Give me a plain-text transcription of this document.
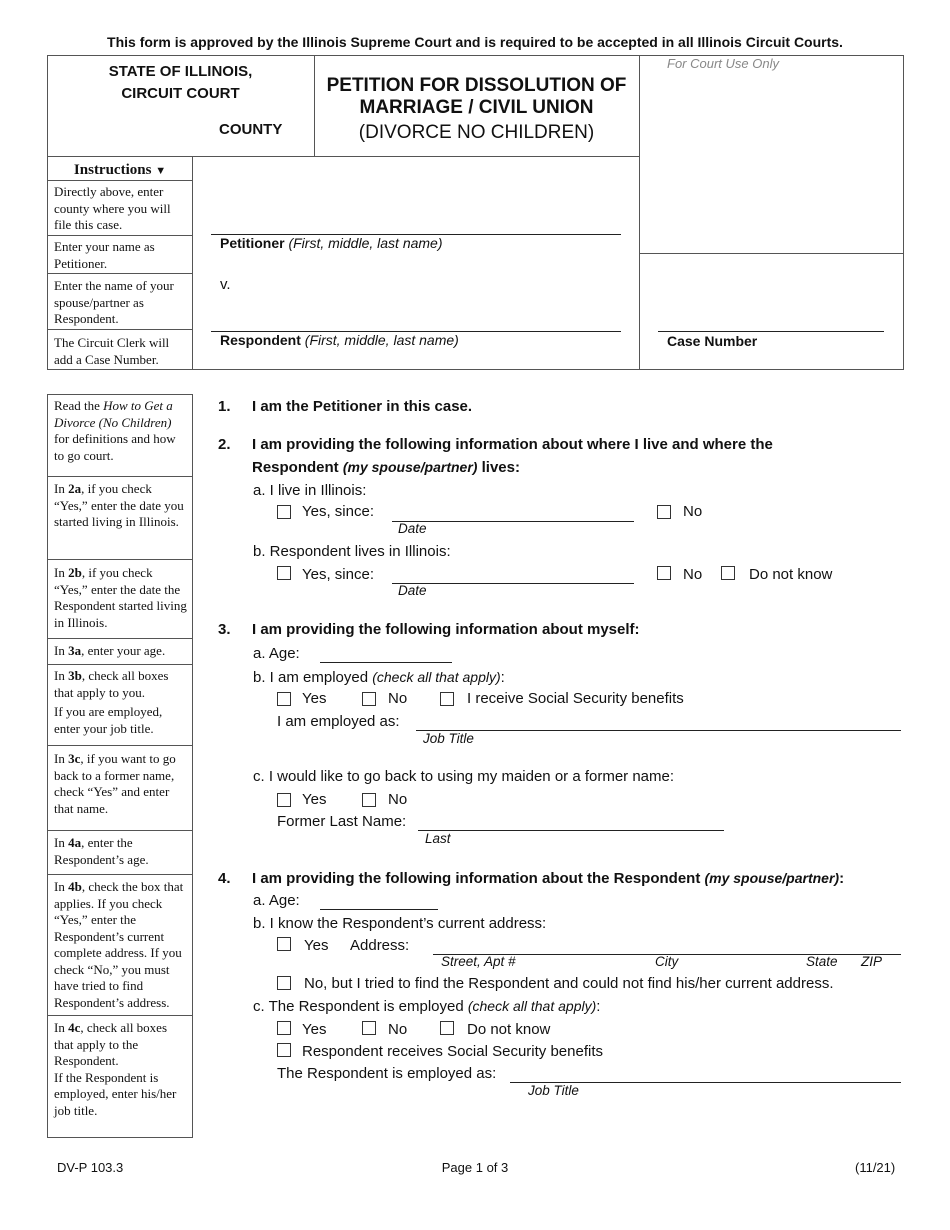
This form is approved by the Illinois Supreme Court and is required to be accepted in all Illinois Circuit Courts.
STATE OF ILLINOIS,
CIRCUIT COURT
COUNTY
PETITION FOR DISSOLUTION OF
MARRIAGE / CIVIL UNION
(DIVORCE NO CHILDREN)
For Court Use Only
Instructions ▼
Directly above, enter county where you will file this case.
Enter your name as Petitioner.
Enter the name of your spouse/partner as Respondent.
The Circuit Clerk will add a Case Number.
Petitioner (First, middle, last name)
v.
Respondent (First, middle, last name)	Case Number
Read the How to Get a Divorce (No Children) for definitions and how to go court.
In 2a, if you check “Yes,” enter the date you started living in Illinois.
In 2b, if you check “Yes,” enter the date the Respondent started living in Illinois.
In 3a, enter your age.
In 3b, check all boxes that apply to you.
If you are employed, enter your job title.
In 3c, if you want to go back to a former name, check “Yes” and enter that name.
In 4a, enter the Respondent’s age.
In 4b, check the box that applies. If you check “Yes,” enter the Respondent’s current complete address. If you check “No,” you must have tried to find Respondent’s address.
In 4c, check all boxes that apply to the Respondent.
If the Respondent is employed, enter his/her job title.
1. I am the Petitioner in this case.
2. I am providing the following information about where I live and where the
Respondent (my spouse/partner) lives:
a. I live in Illinois:
Yes, since:
Date
No
b. Respondent lives in Illinois:
Yes, since:
Date
No	Do not know
3. I am providing the following information about myself:
a. Age:
b. I am employed (check all that apply):
Yes	No	I receive Social Security benefits
I am employed as:
Job Title
c. I would like to go back to using my maiden or a former name:
Yes	No
Former Last Name:
Last
4. I am providing the following information about the Respondent (my spouse/partner):
a. Age:
b. I know the Respondent’s current address:
Yes Address:
Street, Apt #	City	State ZIP
No, but I tried to find the Respondent and could not find his/her current address.
c. The Respondent is employed (check all that apply):
Yes	No	Do not know
Respondent receives Social Security benefits
The Respondent is employed as:
Job Title
DV-P 103.3	Page 1 of 3	(11/21)
